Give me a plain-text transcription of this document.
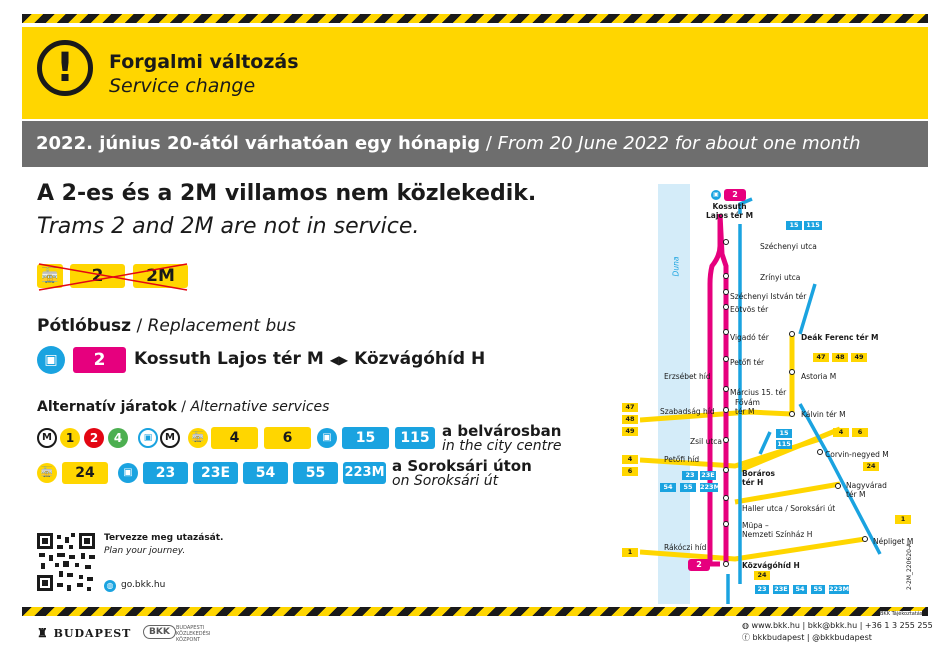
!	Forgalmi változás
Service change
2022. június 20-ától várhatóan egy hónapig / From 20 June 2022 for about one month
A 2-es és a 2M villamos nem közlekedik.
Trams 2 and 2M are not in service.
🚋	2	2M
Pótlóbusz / Replacement bus
▣	2	Kossuth Lajos tér M ◀▶ Közvágóhíd H
Alternatív járatok / Alternative services
M	1	2	4	▣	M	🚋	4	6	▣	15	115 a belvárosban
in the city centre
🚋	24	▣	23	23E	54	55	223M a Soroksári úton
on Soroksári út
Tervezze meg utazását.
Plan your journey.
◍ go.bkk.hu
Duna
▣	2
Kossuth
Lajos tér M
15	115
Széchenyi utca
Zrínyi utca
Széchenyi István tér
Eötvös tér
Vigadó tér
Petőfi tér
Erzsébet híd
Március 15. tér
Szabadság híd
Fővám
tér M
Zsil utca
15
115
Petőfi híd
Boráros
tér H
23	23E
54	55	223M
Haller utca / Soroksári út
Müpa –
Nemzeti Színház H
Rákóczi híd
2	Közvágóhíd H
24
23	23E	54	55 223M
Deák Ferenc tér M
47	48	49
Astoria M
Kálvin tér M
4	6
Corvin-negyed M
24
Nagyvárad
tér M
1
Népliget M
47
48
49
4
6
1	2-2M_220620-A
BKK Tájékoztatás
♜ BUDAPEST	BKK	BUDAPESTI KÖZLEKEDÉSI KÖZPONT
◍ www.bkk.hu | bkk@bkk.hu | +36 1 3 255 255
ⓕ bkkbudapest | @bkkbudapest
